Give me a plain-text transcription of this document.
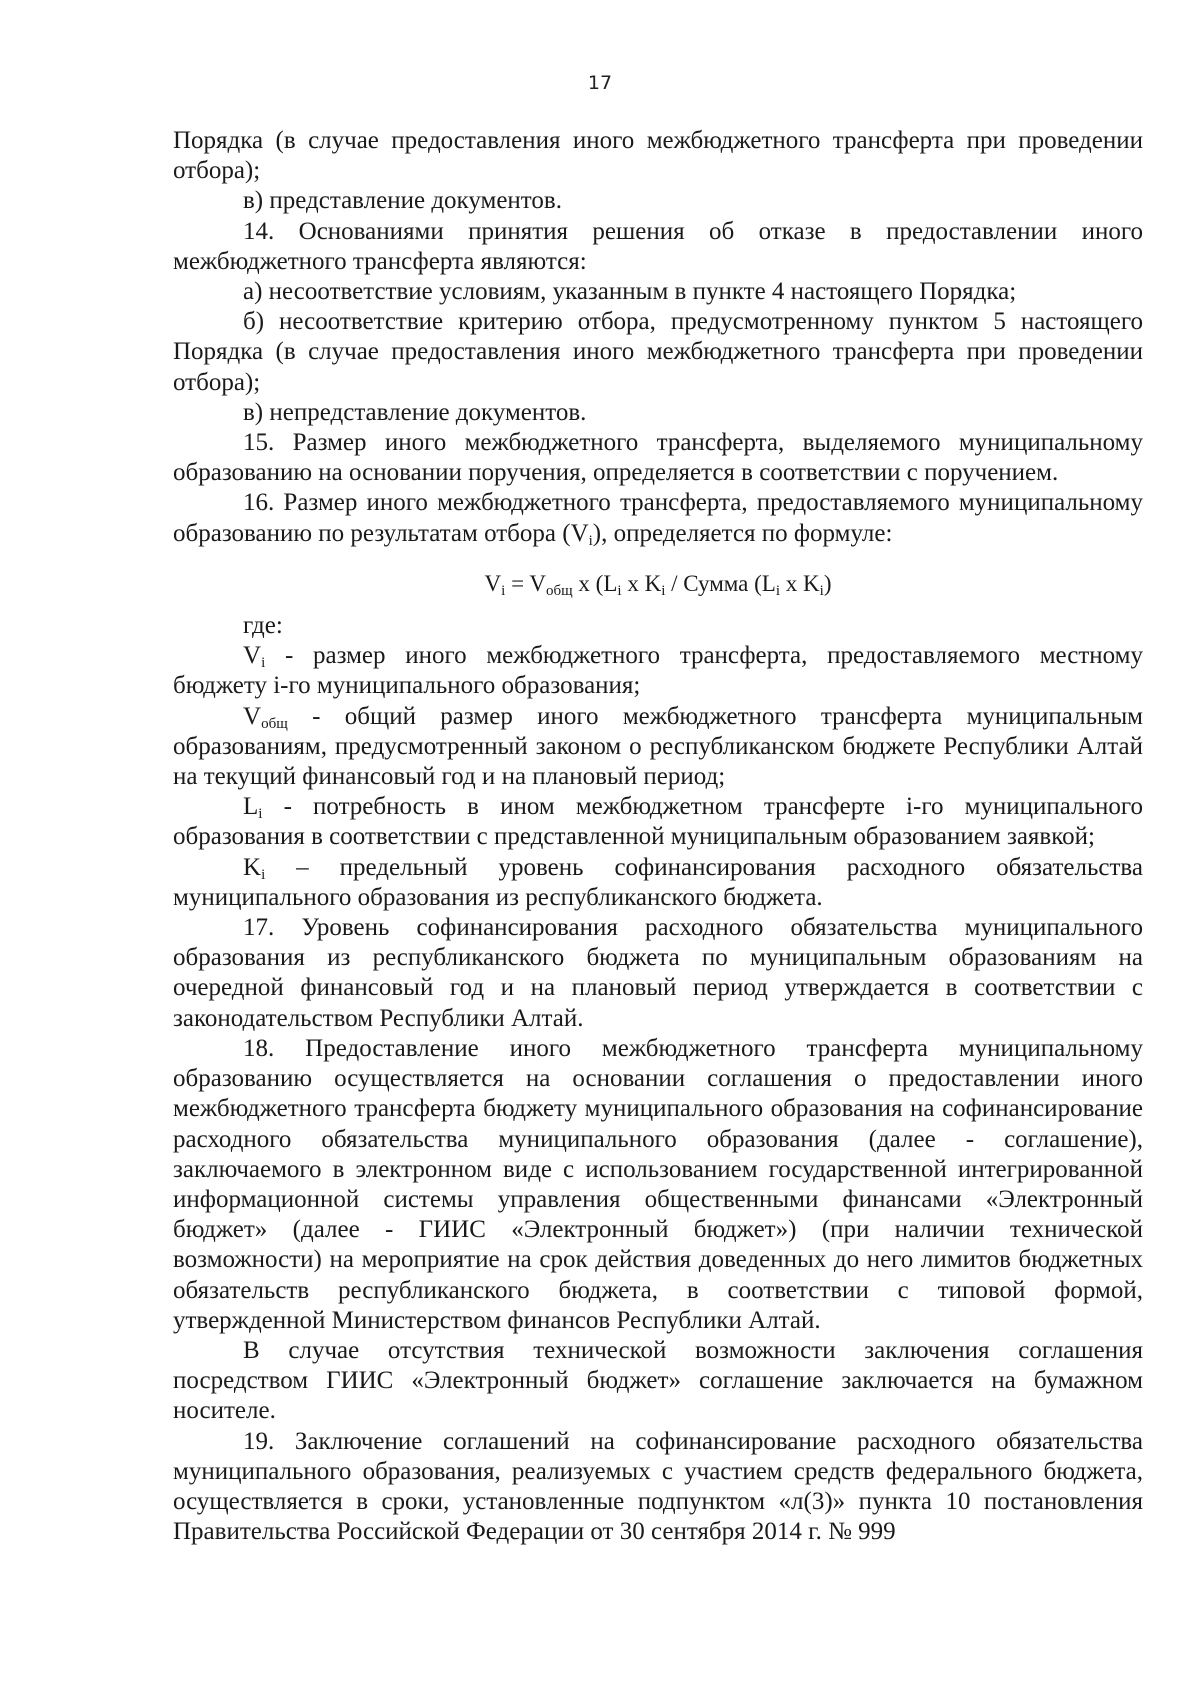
17

Порядка (в случае предоставления иного межбюджетного трансферта при проведении отбора);

в) представление документов.

14. Основаниями принятия решения об отказе в предоставлении иного межбюджетного трансферта являются:

а) несоответствие условиям, указанным в пункте 4 настоящего Порядка;

б) несоответствие критерию отбора, предусмотренному пунктом 5 настоящего Порядка (в случае предоставления иного межбюджетного трансферта при проведении отбора);

в) непредставление документов.

15. Размер иного межбюджетного трансферта, выделяемого муниципальному образованию на основании поручения, определяется в соответствии с поручением.

16. Размер иного межбюджетного трансферта, предоставляемого муниципальному образованию по результатам отбора $(V_i)$, определяется по формуле:

$V_i = V_{общ}$ x ($L_i$ x $K_i$ / Сумма ($L_i$ x $K_i$)

где:

$V_i$ - размер иного межбюджетного трансферта, предоставляемого местному бюджету i-го муниципального образования;

$V_{общ}$ - общий размер иного межбюджетного трансферта муниципальным образованиям, предусмотренный законом о республиканском бюджете Республики Алтай на текущий финансовый год и на плановый период;

$L_i$ - потребность в ином межбюджетном трансферте i-го муниципального образования в соответствии с представленной муниципальным образованием заявкой;

$K_i$ – предельный уровень софинансирования расходного обязательства муниципального образования из республиканского бюджета.

17. Уровень софинансирования расходного обязательства муниципального образования из республиканского бюджета по муниципальным образованиям на очередной финансовый год и на плановый период утверждается в соответствии с законодательством Республики Алтай.

18. Предоставление иного межбюджетного трансферта муниципальному образованию осуществляется на основании соглашения о предоставлении иного межбюджетного трансферта бюджету муниципального образования на софинансирование расходного обязательства муниципального образования (далее - соглашение), заключаемого в электронном виде с использованием государственной интегрированной информационной системы управления общественными финансами «Электронный бюджет» (далее - ГИИС «Электронный бюджет») (при наличии технической возможности) на мероприятие на срок действия доведенных до него лимитов бюджетных обязательств республиканского бюджета, в соответствии с типовой формой, утвержденной Министерством финансов Республики Алтай.

В случае отсутствия технической возможности заключения соглашения посредством ГИИС «Электронный бюджет» соглашение заключается на бумажном носителе.

19. Заключение соглашений на софинансирование расходного обязательства муниципального образования, реализуемых с участием средств федерального бюджета, осуществляется в сроки, установленные подпунктом «л(3)» пункта 10 постановления Правительства Российской Федерации от 30 сентября 2014 г. № 999
